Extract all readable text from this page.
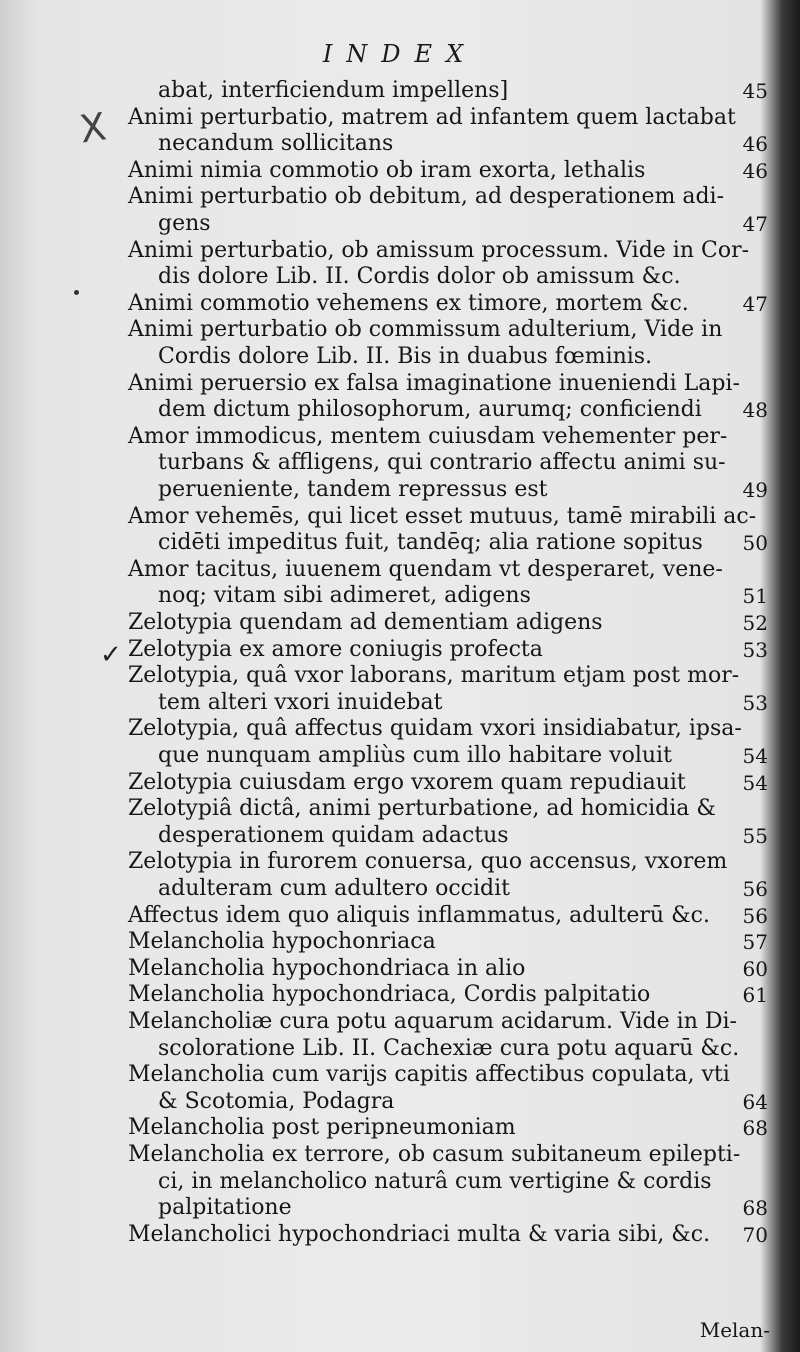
INDEX
X
✓
abat, interficiendum impellens]	45
Animi perturbatio, matrem ad infantem quem lactabat
necandum sollicitans	46
Animi nimia commotio ob iram exorta, lethalis	46
Animi perturbatio ob debitum, ad desperationem adi-
gens	47
Animi perturbatio, ob amissum processum. Vide in Cor-
dis dolore Lib. II. Cordis dolor ob amissum &c.
Animi commotio vehemens ex timore, mortem &c.	47
Animi perturbatio ob commissum adulterium, Vide in
Cordis dolore Lib. II. Bis in duabus fœminis.
Animi peruersio ex falsa imaginatione inueniendi Lapi-
dem dictum philosophorum, aurumq; conficiendi 48
Amor immodicus, mentem cuiusdam vehementer per-
turbans & affligens, qui contrario affectu animi su-
perueniente, tandem repressus est	49
Amor vehemēs, qui licet esset mutuus, tamē mirabili ac-
cidēti impeditus fuit, tandēq; alia ratione sopitus 50
Amor tacitus, iuuenem quendam vt desperaret, vene-
noq; vitam sibi adimeret, adigens	51
Zelotypia quendam ad dementiam adigens	52
Zelotypia ex amore coniugis profecta	53
Zelotypia, quâ vxor laborans, maritum etjam post mor-
tem alteri vxori inuidebat	53
Zelotypia, quâ affectus quidam vxori insidiabatur, ipsa-
que nunquam ampliùs cum illo habitare voluit	54
Zelotypia cuiusdam ergo vxorem quam repudiauit	54
Zelotypiâ dictâ, animi perturbatione, ad homicidia &
desperationem quidam adactus	55
Zelotypia in furorem conuersa, quo accensus, vxorem
adulteram cum adultero occidit	56
Affectus idem quo aliquis inflammatus, adulterū &c. 56
Melancholia hypochonriaca	57
Melancholia hypochondriaca in alio	60
Melancholia hypochondriaca, Cordis palpitatio	61
Melancholiæ cura potu aquarum acidarum. Vide in Di-
scoloratione Lib. II. Cachexiæ cura potu aquarū &c.
Melancholia cum varijs capitis affectibus copulata, vti
& Scotomia, Podagra	64
Melancholia post peripneumoniam	68
Melancholia ex terrore, ob casum subitaneum epilepti-
ci, in melancholico naturâ cum vertigine & cordis
palpitatione	68
Melancholici hypochondriaci multa & varia sibi, &c. 70
Melan-
